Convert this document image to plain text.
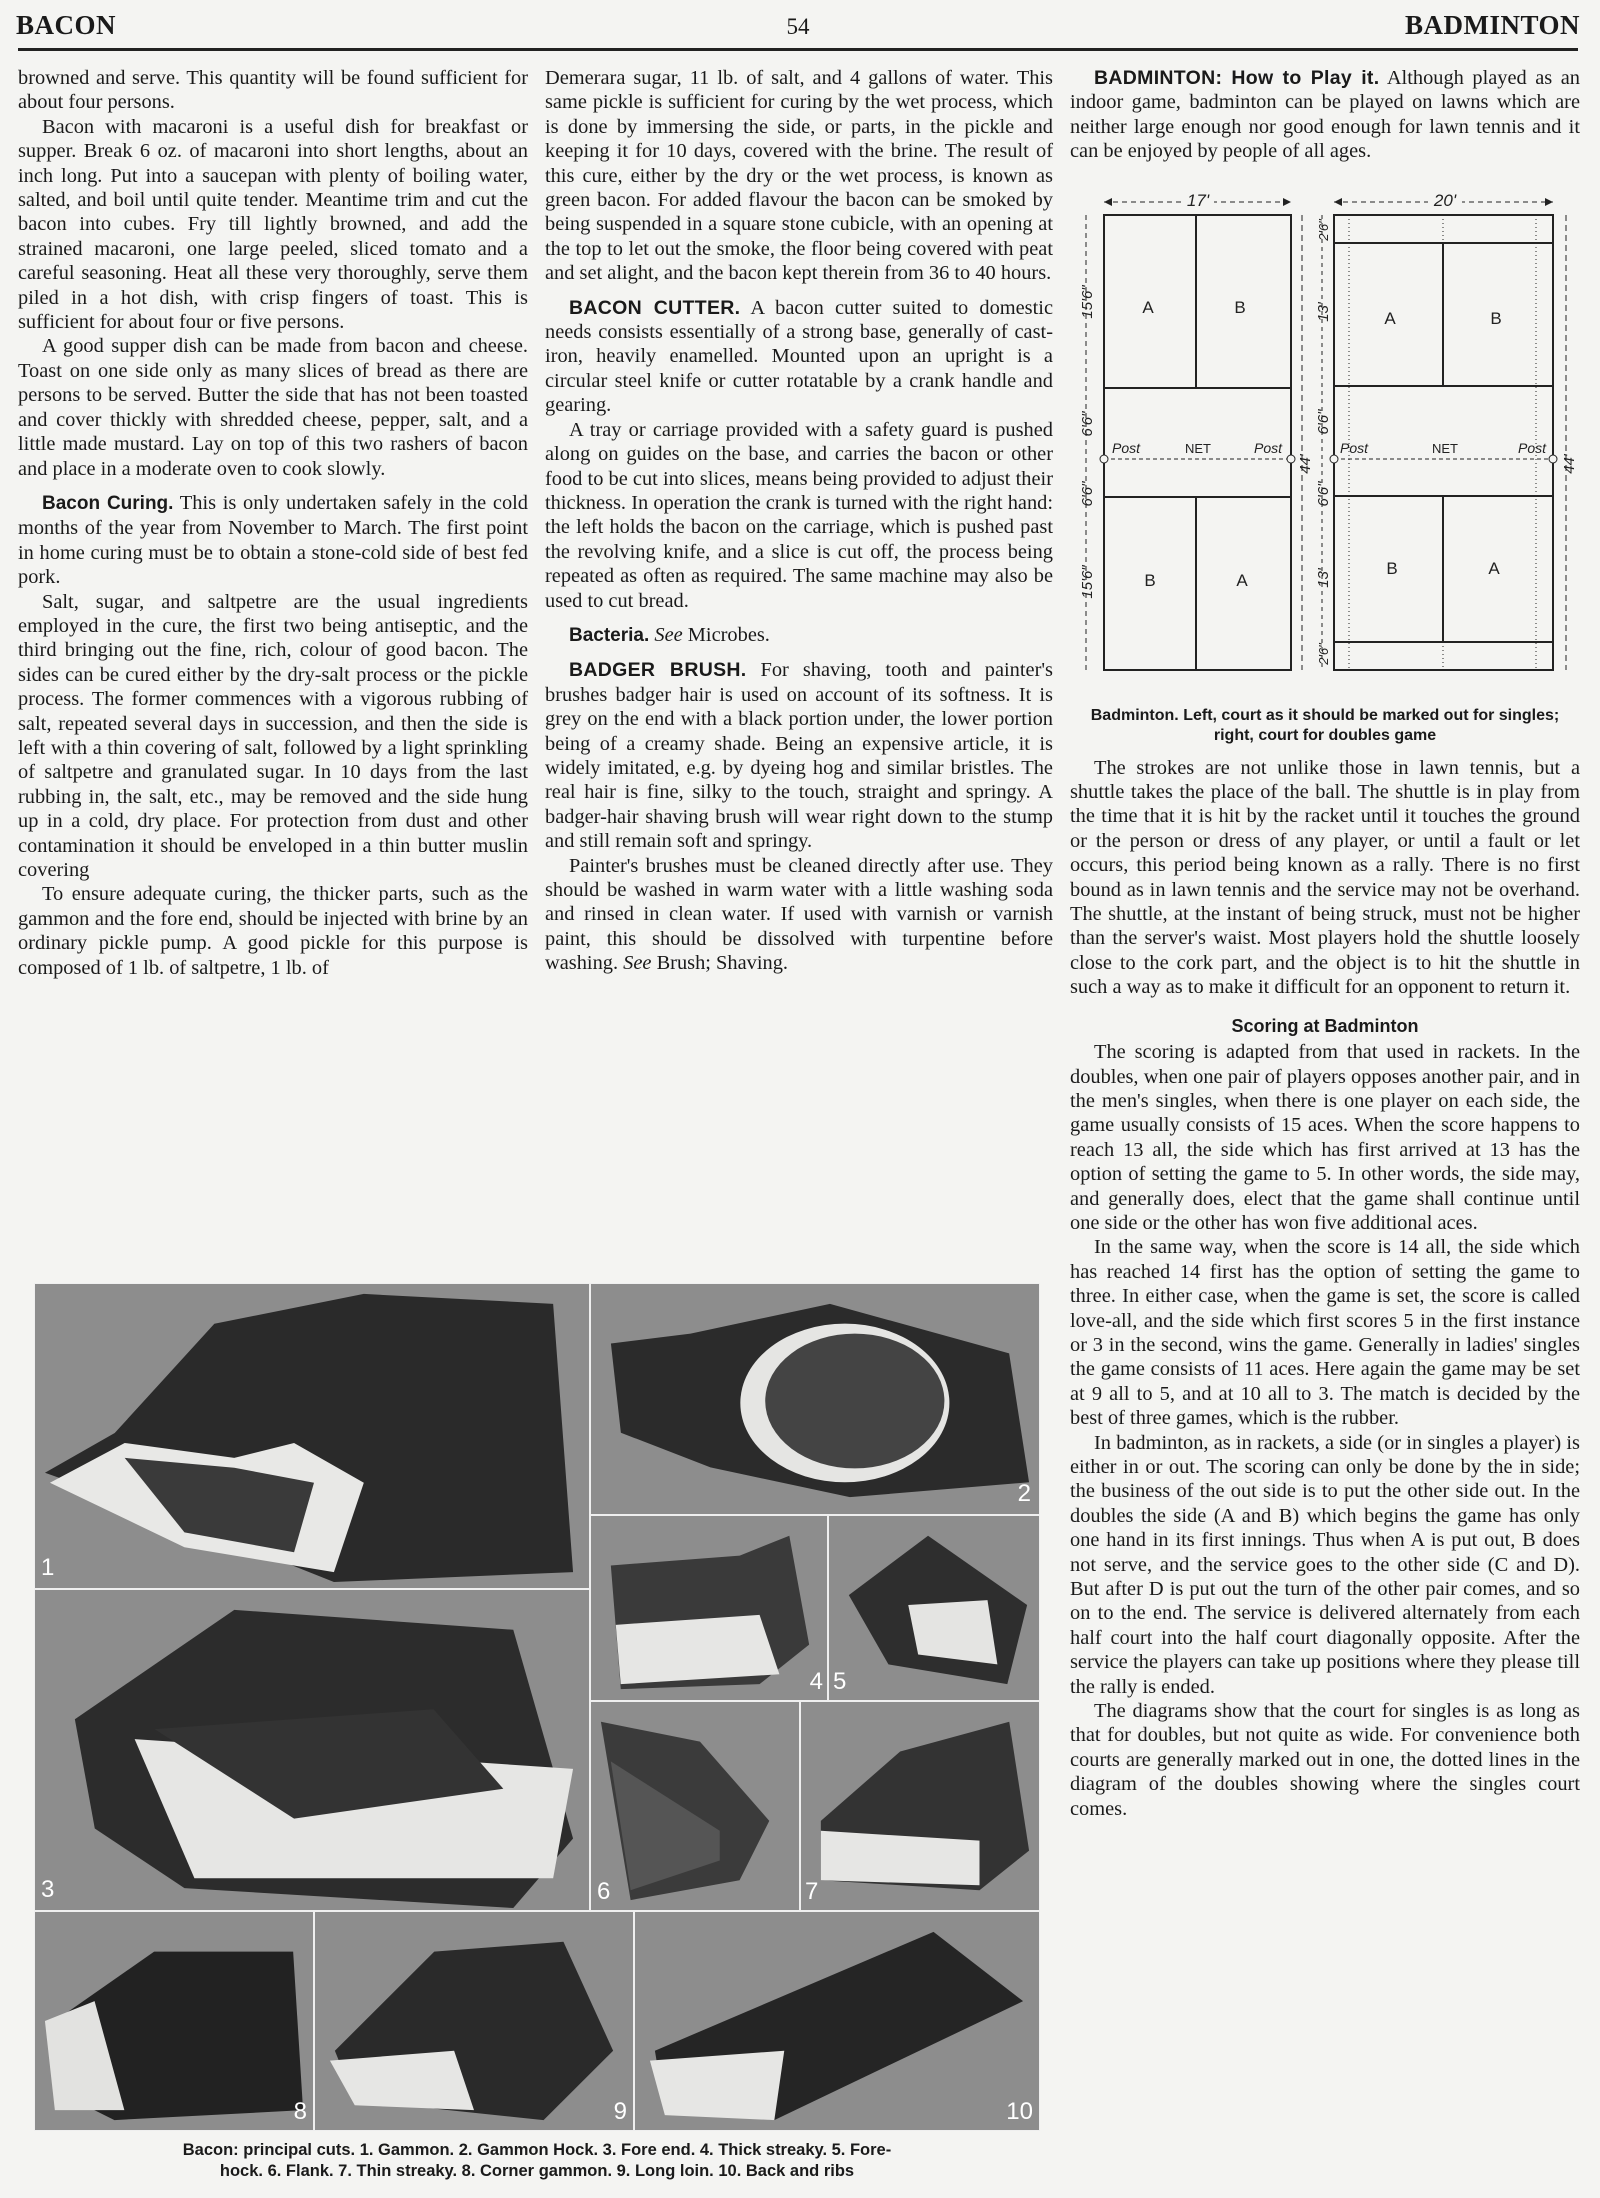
BACON	54	BADMINTON

browned and serve. This quantity will be found sufficient for about four persons.

Bacon with macaroni is a useful dish for breakfast or supper. Break 6 oz. of macaroni into short lengths, about an inch long. Put into a saucepan with plenty of boiling water, salted, and boil until quite tender. Meantime trim and cut the bacon into cubes. Fry till lightly browned, and add the strained macaroni, one large peeled, sliced tomato and a careful seasoning. Heat all these very thoroughly, serve them piled in a hot dish, with crisp fingers of toast. This is sufficient for about four or five persons.

A good supper dish can be made from bacon and cheese. Toast on one side only as many slices of bread as there are persons to be served. Butter the side that has not been toasted and cover thickly with shredded cheese, pepper, salt, and a little made mustard. Lay on top of this two rashers of bacon and place in a moderate oven to cook slowly.

Bacon Curing. This is only undertaken safely in the cold months of the year from November to March. The first point in home curing must be to obtain a stone-cold side of best fed pork.

Salt, sugar, and saltpetre are the usual ingredients employed in the cure, the first two being antiseptic, and the third bringing out the fine, rich, colour of good bacon. The sides can be cured either by the dry-salt process or the pickle process. The former commences with a vigorous rubbing of salt, repeated several days in succession, and then the side is left with a thin covering of salt, followed by a light sprinkling of saltpetre and granulated sugar. In 10 days from the last rubbing in, the salt, etc., may be removed and the side hung up in a cold, dry place. For protection from dust and other contamination it should be enveloped in a thin butter muslin covering

To ensure adequate curing, the thicker parts, such as the gammon and the fore end, should be injected with brine by an ordinary pickle pump. A good pickle for this purpose is composed of 1 lb. of saltpetre, 1 lb. of

Demerara sugar, 11 lb. of salt, and 4 gallons of water. This same pickle is sufficient for curing by the wet process, which is done by immersing the side, or parts, in the pickle and keeping it for 10 days, covered with the brine. The result of this cure, either by the dry or the wet process, is known as green bacon. For added flavour the bacon can be smoked by being suspended in a square stone cubicle, with an opening at the top to let out the smoke, the floor being covered with peat and set alight, and the bacon kept therein from 36 to 40 hours.

BACON CUTTER. A bacon cutter suited to domestic needs consists essentially of a strong base, generally of cast-iron, heavily enamelled. Mounted upon an upright is a circular steel knife or cutter rotatable by a crank handle and gearing.

A tray or carriage provided with a safety guard is pushed along on guides on the base, and carries the bacon or other food to be cut into slices, means being provided to adjust their thickness. In operation the crank is turned with the right hand: the left holds the bacon on the carriage, which is pushed past the revolving knife, and a slice is cut off, the process being repeated as often as required. The same machine may also be used to cut bread.

Bacteria. See Microbes.

BADGER BRUSH. For shaving, tooth and painter's brushes badger hair is used on account of its softness. It is grey on the end with a black portion under, the lower portion being of a creamy shade. Being an expensive article, it is widely imitated, e.g. by dyeing hog and similar bristles. The real hair is fine, silky to the touch, straight and springy. A badger-hair shaving brush will wear right down to the stump and still remain soft and springy.

Painter's brushes must be cleaned directly after use. They should be washed in warm water with a little washing soda and rinsed in clean water. If used with varnish or varnish paint, this should be dissolved with turpentine before washing. See Brush; Shaving.

BADMINTON: How to Play it. Although played as an indoor game, badminton can be played on lawns which are neither large enough nor good enough for lawn tennis and it can be enjoyed by people of all ages.

17'	20'
Post	Post
NET
A	B
B	A
15'6"
6'6"
6'6"
15'6"
44'
2'6"
13'
6'6"
6'6"
13'
2'6"
Post	Post
NET
A	B
B	A
44'
Badminton. Left, court as it should be marked out for singles; right, court for doubles game

The strokes are not unlike those in lawn tennis, but a shuttle takes the place of the ball. The shuttle is in play from the time that it is hit by the racket until it touches the ground or the person or dress of any player, or until a fault or let occurs, this period being known as a rally. There is no first bound as in lawn tennis and the service may not be overhand. The shuttle, at the instant of being struck, must not be higher than the server's waist. Most players hold the shuttle loosely close to the cork part, and the object is to hit the shuttle in such a way as to make it difficult for an opponent to return it.

Scoring at Badminton

The scoring is adapted from that used in rackets. In the doubles, when one pair of players opposes another pair, and in the men's singles, when there is one player on each side, the game usually consists of 15 aces. When the score happens to reach 13 all, the side which has first arrived at 13 has the option of setting the game to 5. In other words, the side may, and generally does, elect that the game shall continue until one side or the other has won five additional aces.

In the same way, when the score is 14 all, the side which has reached 14 first has the option of setting the game to three. In either case, when the game is set, the score is called love-all, and the side which first scores 5 in the first instance or 3 in the second, wins the game. Generally in ladies' singles the game consists of 11 aces. Here again the game may be set at 9 all to 5, and at 10 all to 3. The match is decided by the best of three games, which is the rubber.

In badminton, as in rackets, a side (or in singles a player) is either in or out. The scoring can only be done by the in side; the business of the out side is to put the other side out. In the doubles the side (A and B) which begins the game has only one hand in its first innings. Thus when A is put out, B does not serve, and the service goes to the other side (C and D). But after D is put out the turn of the other pair comes, and so on to the end. The service is delivered alternately from each half court into the half court diagonally opposite. After the service the players can take up positions where they please till the rally is ended.

The diagrams show that the court for singles is as long as that for doubles, but not quite as wide. For convenience both courts are generally marked out in one, the dotted lines in the diagram of the doubles showing where the singles court comes.

1
2
4 5
3	6	7
8	9	10
Bacon: principal cuts. 1. Gammon. 2. Gammon Hock. 3. Fore end. 4. Thick streaky. 5. Fore-
hock. 6. Flank. 7. Thin streaky. 8. Corner gammon. 9. Long loin. 10. Back and ribs
